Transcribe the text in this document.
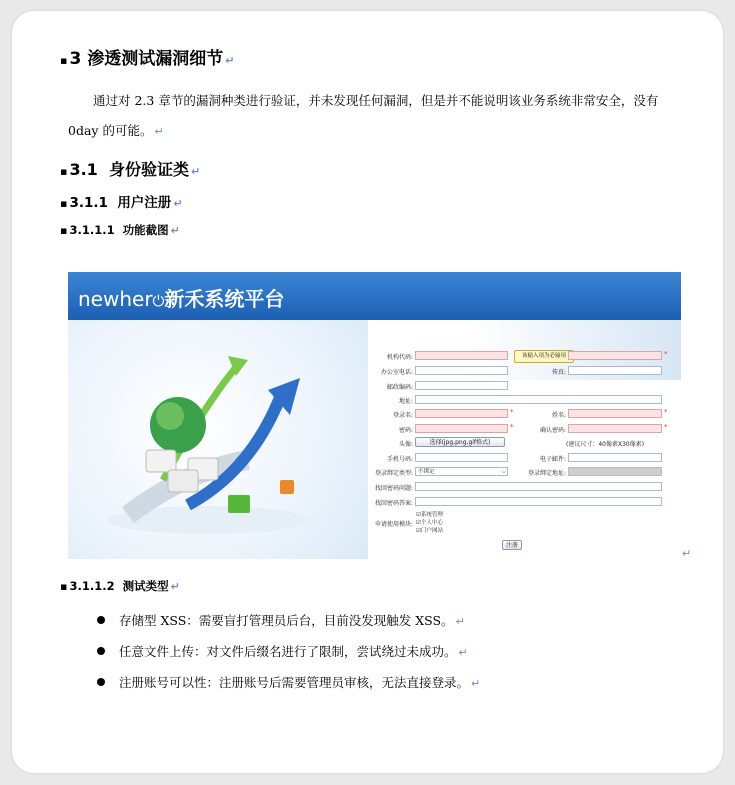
▪ 3 渗透测试漏洞细节 ↵
通过对 2.3 章节的漏洞种类进行验证，并未发现任何漏洞，但是并不能说明该业务系统非常安全，没有 0day 的可能。 ↵
▪ 3.1 身份验证类 ↵
▪ 3.1.1 用户注册 ↵
▪ 3.1.1.1 功能截图 ↵
newher⏻新禾系统平台
机构代码:	该输入项为必输项	*
办公室电话:	传真:
邮政编码:
地址:
登录名:	*	姓名:	*
密码:	*	确认密码:	*
头像:	选择(jpg,png,gif格式)	(建议尺寸：40像素X30像素)
手机号码:	电子邮件:
登录绑定类型: 不绑定	⌵	登录绑定地址:
找回密码问题:
找回密码答案:
申请使用模块:
☑系统管理
☑个人中心
☑门户网站
注册
↵
▪ 3.1.1.2 测试类型 ↵
存储型 XSS：需要盲打管理员后台，目前没发现触发 XSS。 ↵
任意文件上传：对文件后缀名进行了限制，尝试绕过未成功。 ↵
注册账号可以性：注册账号后需要管理员审核，无法直接登录。 ↵
